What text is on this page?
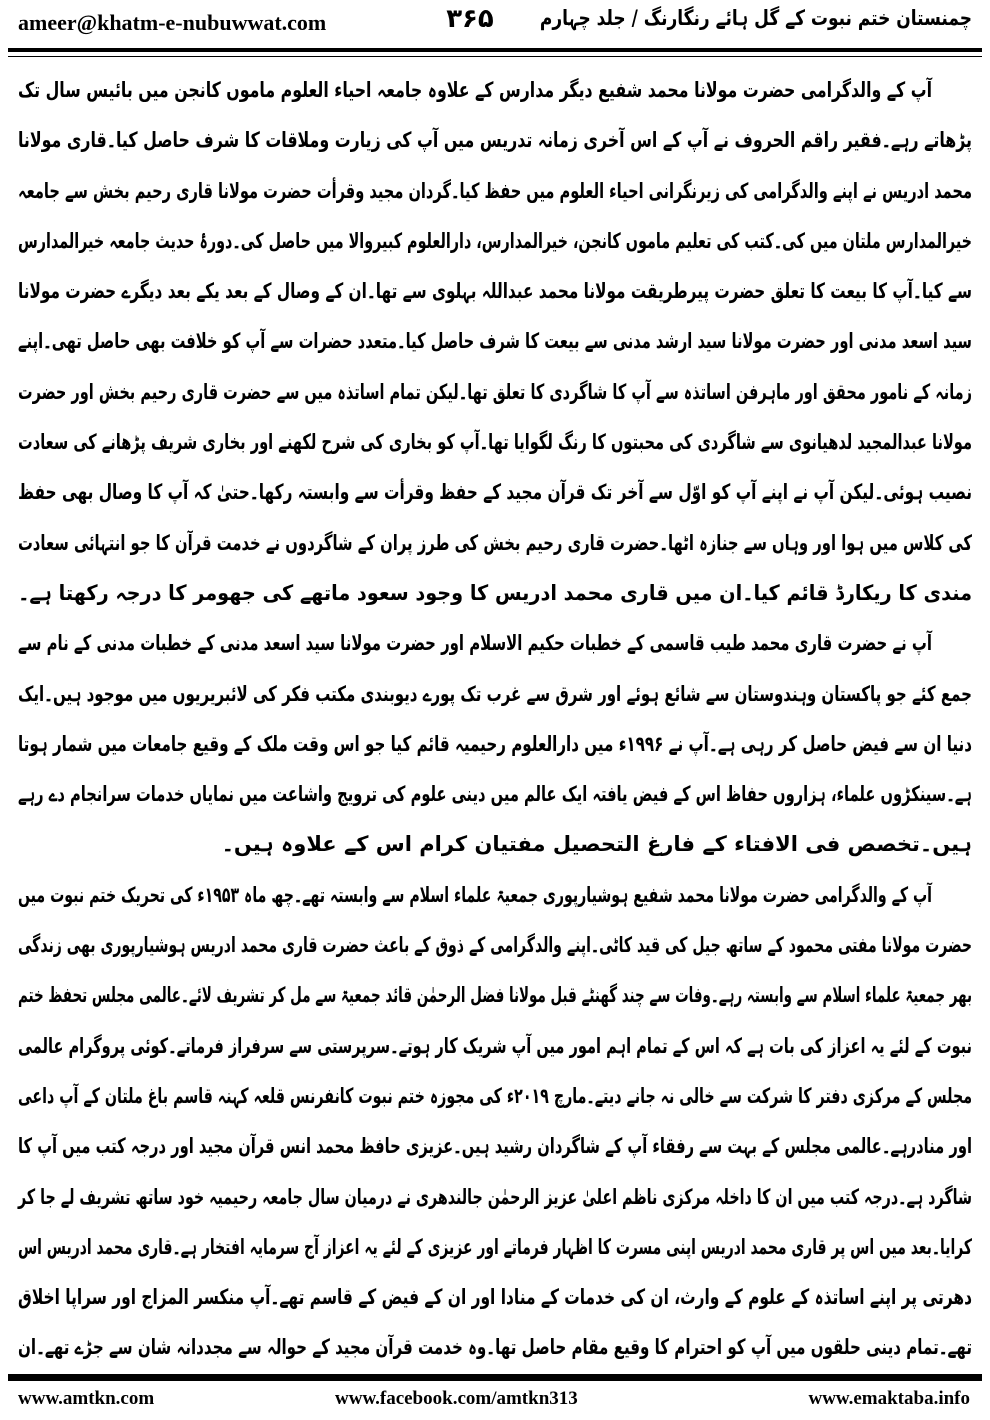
ameer@khatm-e-nubuwwat.com	۳۶۵	چمنستان ختم نبوت کے گل ہائے رنگارنگ / جلد چہارم
آپ کے والدگرامی حضرت مولانا محمد شفیع دیگر مدارس کے علاوہ جامعہ احیاء العلوم ماموں کانجن میں بائیس سال تک
پڑھاتے رہے۔فقیر راقم الحروف نے آپ کے اس آخری زمانہ تدریس میں آپ کی زیارت وملاقات کا شرف حاصل کیا۔قاری مولانا
محمد ادریس نے اپنے والدگرامی کی زیرنگرانی احیاء العلوم میں حفظ کیا۔گردان مجید وقرأت حضرت مولانا قاری رحیم بخش سے جامعہ
خیرالمدارس ملتان میں کی۔کتب کی تعلیم ماموں کانجن، خیرالمدارس، دارالعلوم کبیروالا میں حاصل کی۔دورۂ حدیث جامعہ خیرالمدارس
سے کیا۔آپ کا بیعت کا تعلق حضرت پیرطریقت مولانا محمد عبداللہ بہلوی سے تھا۔ان کے وصال کے بعد یکے بعد دیگرے حضرت مولانا
سید اسعد مدنی اور حضرت مولانا سید ارشد مدنی سے بیعت کا شرف حاصل کیا۔متعدد حضرات سے آپ کو خلافت بھی حاصل تھی۔اپنے
زمانہ کے نامور محقق اور ماہرفن اساتذہ سے آپ کا شاگردی کا تعلق تھا۔لیکن تمام اساتذہ میں سے حضرت قاری رحیم بخش اور حضرت
مولانا عبدالمجید لدھیانوی سے شاگردی کی محبتوں کا رنگ لگوایا تھا۔آپ کو بخاری کی شرح لکھنے اور بخاری شریف پڑھانے کی سعادت
نصیب ہوئی۔لیکن آپ نے اپنے آپ کو اوّل سے آخر تک قرآن مجید کے حفظ وقرأت سے وابستہ رکھا۔حتیٰ کہ آپ کا وصال بھی حفظ
کی کلاس میں ہوا اور وہاں سے جنازہ اٹھا۔حضرت قاری رحیم بخش کی طرز پران کے شاگردوں نے خدمت قرآن کا جو انتہائی سعادت
مندی کا ریکارڈ قائم کیا۔ان میں قاری محمد ادریس کا وجود سعود ماتھے کی جھومر کا درجہ رکھتا ہے۔
آپ نے حضرت قاری محمد طیب قاسمی کے خطبات حکیم الاسلام اور حضرت مولانا سید اسعد مدنی کے خطبات مدنی کے نام سے
جمع کئے جو پاکستان وہندوستان سے شائع ہوئے اور شرق سے غرب تک پورے دیوبندی مکتب فکر کی لائبریریوں میں موجود ہیں۔ایک
دنیا ان سے فیض حاصل کر رہی ہے۔آپ نے ۱۹۹۶ء میں دارالعلوم رحیمیہ قائم کیا جو اس وقت ملک کے وقیع جامعات میں شمار ہوتا
ہے۔سینکڑوں علماء، ہزاروں حفاظ اس کے فیض یافتہ ایک عالم میں دینی علوم کی ترویج واشاعت میں نمایاں خدمات سرانجام دے رہے
ہیں۔تخصص فی الافتاء کے فارغ التحصیل مفتیان کرام اس کے علاوہ ہیں۔
آپ کے والدگرامی حضرت مولانا محمد شفیع ہوشیارپوری جمعیۃ علماء اسلام سے وابستہ تھے۔چھ ماہ ۱۹۵۳ء کی تحریک ختم نبوت میں
حضرت مولانا مفتی محمود کے ساتھ جیل کی قید کاٹی۔اپنے والدگرامی کے ذوق کے باعث حضرت قاری محمد ادریس ہوشیارپوری بھی زندگی
بھر جمعیۃ علماء اسلام سے وابستہ رہے۔وفات سے چند گھنٹے قبل مولانا فضل الرحمٰن قائد جمعیۃ سے مل کر تشریف لائے۔عالمی مجلس تحفظ ختم
نبوت کے لئے یہ اعزاز کی بات ہے کہ اس کے تمام اہم امور میں آپ شریک کار ہوتے۔سرپرستی سے سرفراز فرماتے۔کوئی پروگرام عالمی
مجلس کے مرکزی دفتر کا شرکت سے خالی نہ جانے دیتے۔مارچ ۲۰۱۹ء کی مجوزہ ختم نبوت کانفرنس قلعہ کہنہ قاسم باغ ملتان کے آپ داعی
اور منادرہے۔عالمی مجلس کے بہت سے رفقاء آپ کے شاگردان رشید ہیں۔عزیزی حافظ محمد انس قرآن مجید اور درجہ کتب میں آپ کا
شاگرد ہے۔درجہ کتب میں ان کا داخلہ مرکزی ناظم اعلیٰ عزیز الرحمٰن جالندھری نے درمیان سال جامعہ رحیمیہ خود ساتھ تشریف لے جا کر
کرایا۔بعد میں اس پر قاری محمد ادریس اپنی مسرت کا اظہار فرماتے اور عزیزی کے لئے یہ اعزاز آج سرمایہ افتخار ہے۔قاری محمد ادریس اس
دھرتی پر اپنے اساتذہ کے علوم کے وارث، ان کی خدمات کے منادا اور ان کے فیض کے قاسم تھے۔آپ منکسر المزاج اور سراپا اخلاق
تھے۔تمام دینی حلقوں میں آپ کو احترام کا وقیع مقام حاصل تھا۔وہ خدمت قرآن مجید کے حوالہ سے مجددانہ شان سے جڑے تھے۔ان
www.amtkn.com	www.facebook.com/amtkn313	www.emaktaba.info
